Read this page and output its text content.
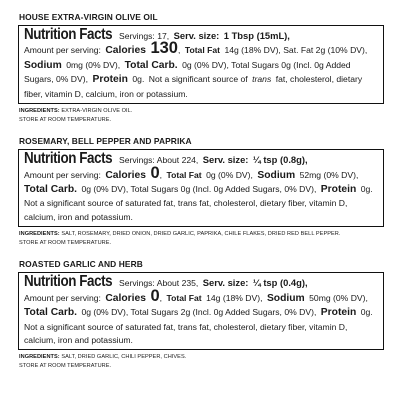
HOUSE EXTRA-VIRGIN OLIVE OIL
Nutrition Facts Servings: 17, Serv. size: 1 Tbsp (15mL),
Amount per serving: Calories 130, Total Fat 14g (18% DV), Sat. Fat 2g (10% DV), Sodium 0mg (0% DV), Total Carb. 0g (0% DV), Total Sugars 0g (Incl. 0g Added Sugars, 0% DV), Protein 0g. Not a significant source of trans fat, cholesterol, dietary fiber, vitamin D, calcium, iron or potassium.
INGREDIENTS: EXTRA-VIRGIN OLIVE OIL.
STORE AT ROOM TEMPERATURE.
ROSEMARY, BELL PEPPER AND PAPRIKA
Nutrition Facts Servings: About 224, Serv. size: ¼ tsp (0.8g),
Amount per serving: Calories 0, Total Fat 0g (0% DV), Sodium 52mg (0% DV), Total Carb. 0g (0% DV), Total Sugars 0g (Incl. 0g Added Sugars, 0% DV), Protein 0g. Not a significant source of saturated fat, trans fat, cholesterol, dietary fiber, vitamin D, calcium, iron and potassium.
INGREDIENTS: SALT, ROSEMARY, DRIED ONION, DRIED GARLIC, PAPRIKA, CHILE FLAKES, DRIED RED BELL PEPPER.
STORE AT ROOM TEMPERATURE.
ROASTED GARLIC AND HERB
Nutrition Facts Servings: About 235, Serv. size: ¼ tsp (0.4g),
Amount per serving: Calories 0, Total Fat 14g (18% DV), Sodium 50mg (0% DV), Total Carb. 0g (0% DV), Total Sugars 2g (Incl. 0g Added Sugars, 0% DV), Protein 0g. Not a significant source of saturated fat, trans fat, cholesterol, dietary fiber, vitamin D, calcium, iron and potassium.
INGREDIENTS: SALT, DRIED GARLIC, CHILI PEPPER, CHIVES.
STORE AT ROOM TEMPERATURE.
